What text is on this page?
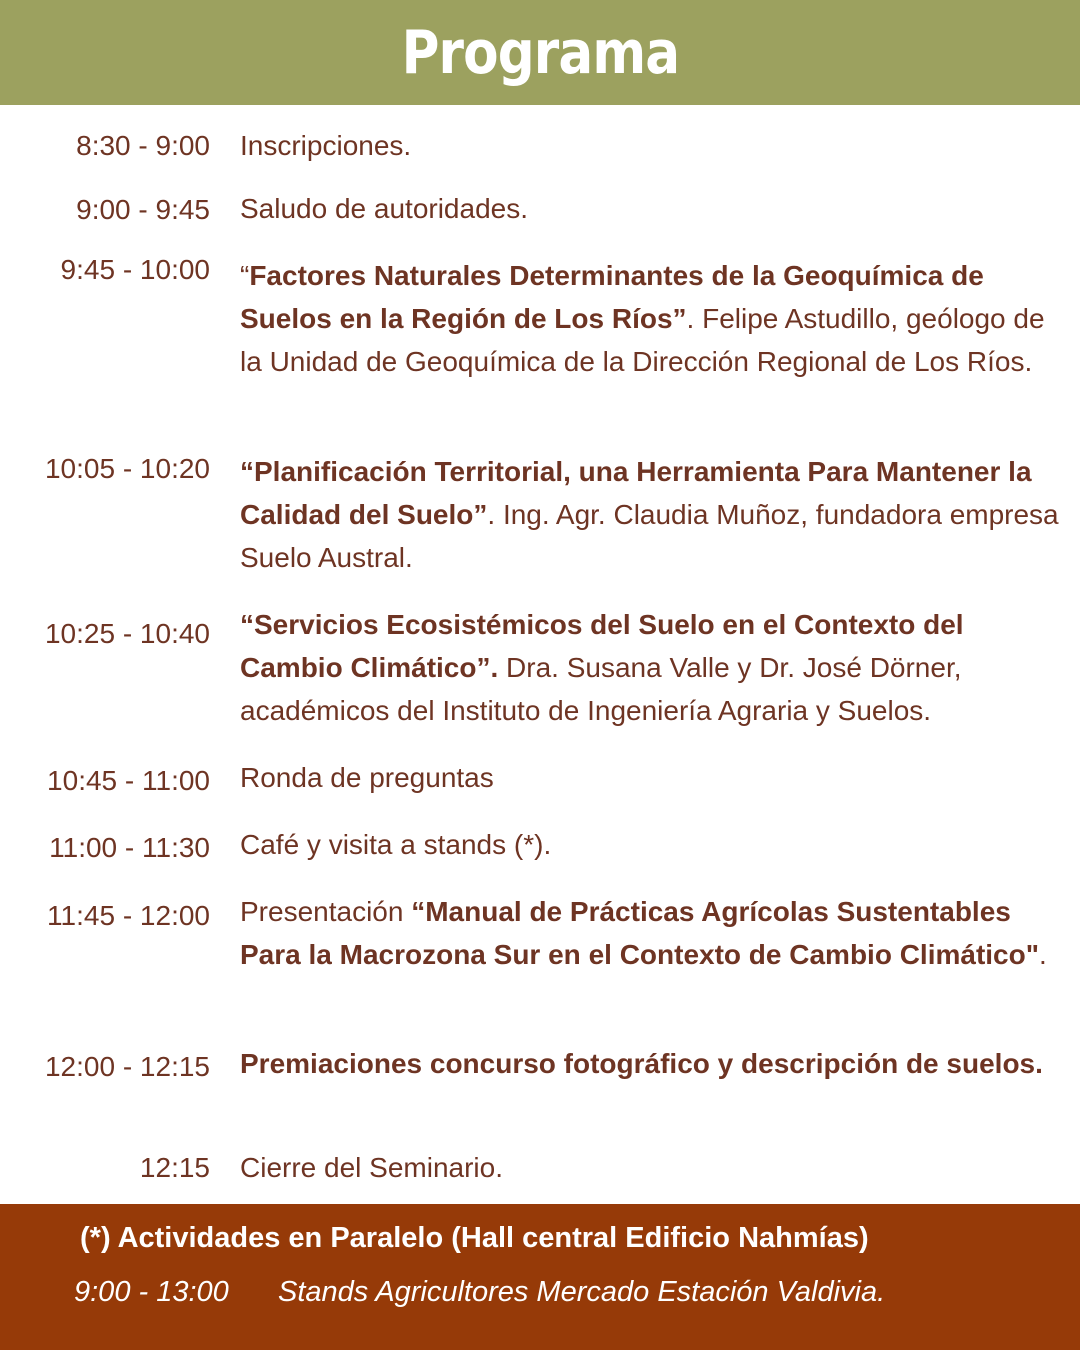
Programa
8:30 - 9:00 Inscripciones.
9:00 - 9:45 Saludo de autoridades.
9:45 - 10:00 “Factores Naturales Determinantes de la Geoquímica de Suelos en la Región de Los Ríos”. Felipe Astudillo, geólogo de la Unidad de Geoquímica de la Dirección Regional de Los Ríos.
10:05 - 10:20 “Planificación Territorial, una Herramienta Para Mantener la Calidad del Suelo”. Ing. Agr. Claudia Muñoz, fundadora empresa Suelo Austral.
10:25 - 10:40 “Servicios Ecosistémicos del Suelo en el Contexto del Cambio Climático”. Dra. Susana Valle y Dr. José Dörner, académicos del Instituto de Ingeniería Agraria y Suelos.
10:45 - 11:00 Ronda de preguntas
11:00 - 11:30 Café y visita a stands (*).
11:45 - 12:00 Presentación “Manual de Prácticas Agrícolas Sustentables Para la Macrozona Sur en el Contexto de Cambio Climático".
12:00 - 12:15 Premiaciones concurso fotográfico y descripción de suelos.
12:15 Cierre del Seminario.
(*) Actividades en Paralelo (Hall central Edificio Nahmías)
9:00 - 13:00 Stands Agricultores Mercado Estación Valdivia.
